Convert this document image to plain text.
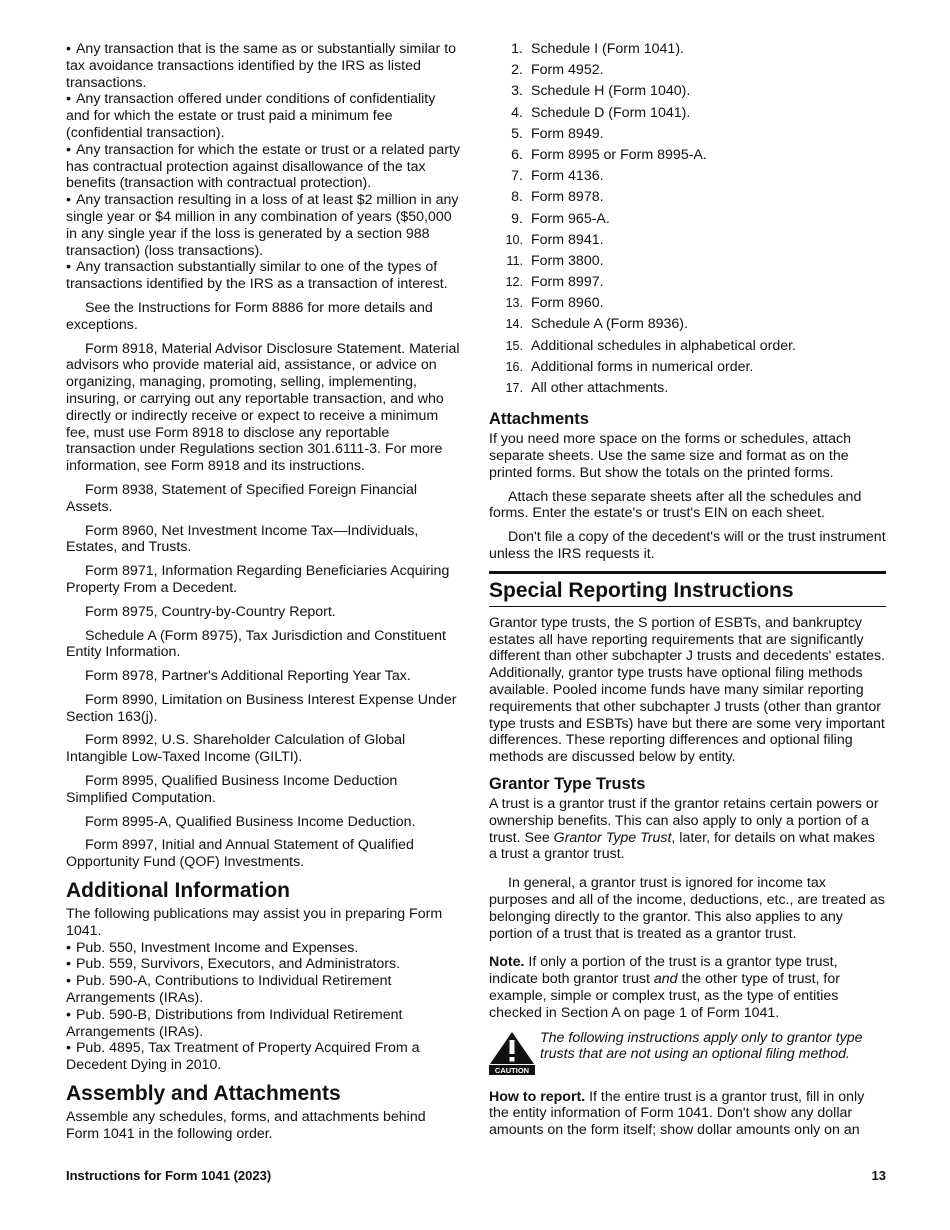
• Any transaction that is the same as or substantially similar to tax avoidance transactions identified by the IRS as listed transactions.

• Any transaction offered under conditions of confidentiality and for which the estate or trust paid a minimum fee (confidential transaction).

• Any transaction for which the estate or trust or a related party has contractual protection against disallowance of the tax benefits (transaction with contractual protection).

• Any transaction resulting in a loss of at least $2 million in any single year or $4 million in any combination of years ($50,000 in any single year if the loss is generated by a section 988 transaction) (loss transactions).

• Any transaction substantially similar to one of the types of transactions identified by the IRS as a transaction of interest.

See the Instructions for Form 8886 for more details and exceptions.

Form 8918, Material Advisor Disclosure Statement. Material advisors who provide material aid, assistance, or advice on organizing, managing, promoting, selling, implementing, insuring, or carrying out any reportable transaction, and who directly or indirectly receive or expect to receive a minimum fee, must use Form 8918 to disclose any reportable transaction under Regulations section 301.6111-3. For more information, see Form 8918 and its instructions.

Form 8938, Statement of Specified Foreign Financial Assets.

Form 8960, Net Investment Income Tax—Individuals, Estates, and Trusts.

Form 8971, Information Regarding Beneficiaries Acquiring Property From a Decedent.

Form 8975, Country-by-Country Report.

Schedule A (Form 8975), Tax Jurisdiction and Constituent Entity Information.

Form 8978, Partner's Additional Reporting Year Tax.

Form 8990, Limitation on Business Interest Expense Under Section 163(j).

Form 8992, U.S. Shareholder Calculation of Global Intangible Low-Taxed Income (GILTI).

Form 8995, Qualified Business Income Deduction Simplified Computation.

Form 8995-A, Qualified Business Income Deduction.

Form 8997, Initial and Annual Statement of Qualified Opportunity Fund (QOF) Investments.

Additional Information

The following publications may assist you in preparing Form 1041.

• Pub. 550, Investment Income and Expenses.

• Pub. 559, Survivors, Executors, and Administrators.

• Pub. 590-A, Contributions to Individual Retirement Arrangements (IRAs).

• Pub. 590-B, Distributions from Individual Retirement Arrangements (IRAs).

• Pub. 4895, Tax Treatment of Property Acquired From a Decedent Dying in 2010.

Assembly and Attachments

Assemble any schedules, forms, and attachments behind Form 1041 in the following order.

1. Schedule I (Form 1041).
2. Form 4952.
3. Schedule H (Form 1040).
4. Schedule D (Form 1041).
5. Form 8949.
6. Form 8995 or Form 8995-A.
7. Form 4136.
8. Form 8978.
9. Form 965-A.
10. Form 8941.
11. Form 3800.
12. Form 8997.
13. Form 8960.
14. Schedule A (Form 8936).
15. Additional schedules in alphabetical order.
16. Additional forms in numerical order.
17. All other attachments.
Attachments

If you need more space on the forms or schedules, attach separate sheets. Use the same size and format as on the printed forms. But show the totals on the printed forms.

Attach these separate sheets after all the schedules and forms. Enter the estate's or trust's EIN on each sheet.

Don't file a copy of the decedent's will or the trust instrument unless the IRS requests it.

Special Reporting Instructions

Grantor type trusts, the S portion of ESBTs, and bankruptcy estates all have reporting requirements that are significantly different than other subchapter J trusts and decedents' estates. Additionally, grantor type trusts have optional filing methods available. Pooled income funds have many similar reporting requirements that other subchapter J trusts (other than grantor type trusts and ESBTs) have but there are some very important differences. These reporting differences and optional filing methods are discussed below by entity.

Grantor Type Trusts

A trust is a grantor trust if the grantor retains certain powers or ownership benefits. This can also apply to only a portion of a trust. See Grantor Type Trust, later, for details on what makes a trust a grantor trust.

In general, a grantor trust is ignored for income tax purposes and all of the income, deductions, etc., are treated as belonging directly to the grantor. This also applies to any portion of a trust that is treated as a grantor trust.

Note. If only a portion of the trust is a grantor type trust, indicate both grantor trust and the other type of trust, for example, simple or complex trust, as the type of entities checked in Section A on page 1 of Form 1041.

CAUTION

The following instructions apply only to grantor type trusts that are not using an optional filing method.

How to report. If the entire trust is a grantor trust, fill in only the entity information of Form 1041. Don't show any dollar amounts on the form itself; show dollar amounts only on an

Instructions for Form 1041 (2023)	13
